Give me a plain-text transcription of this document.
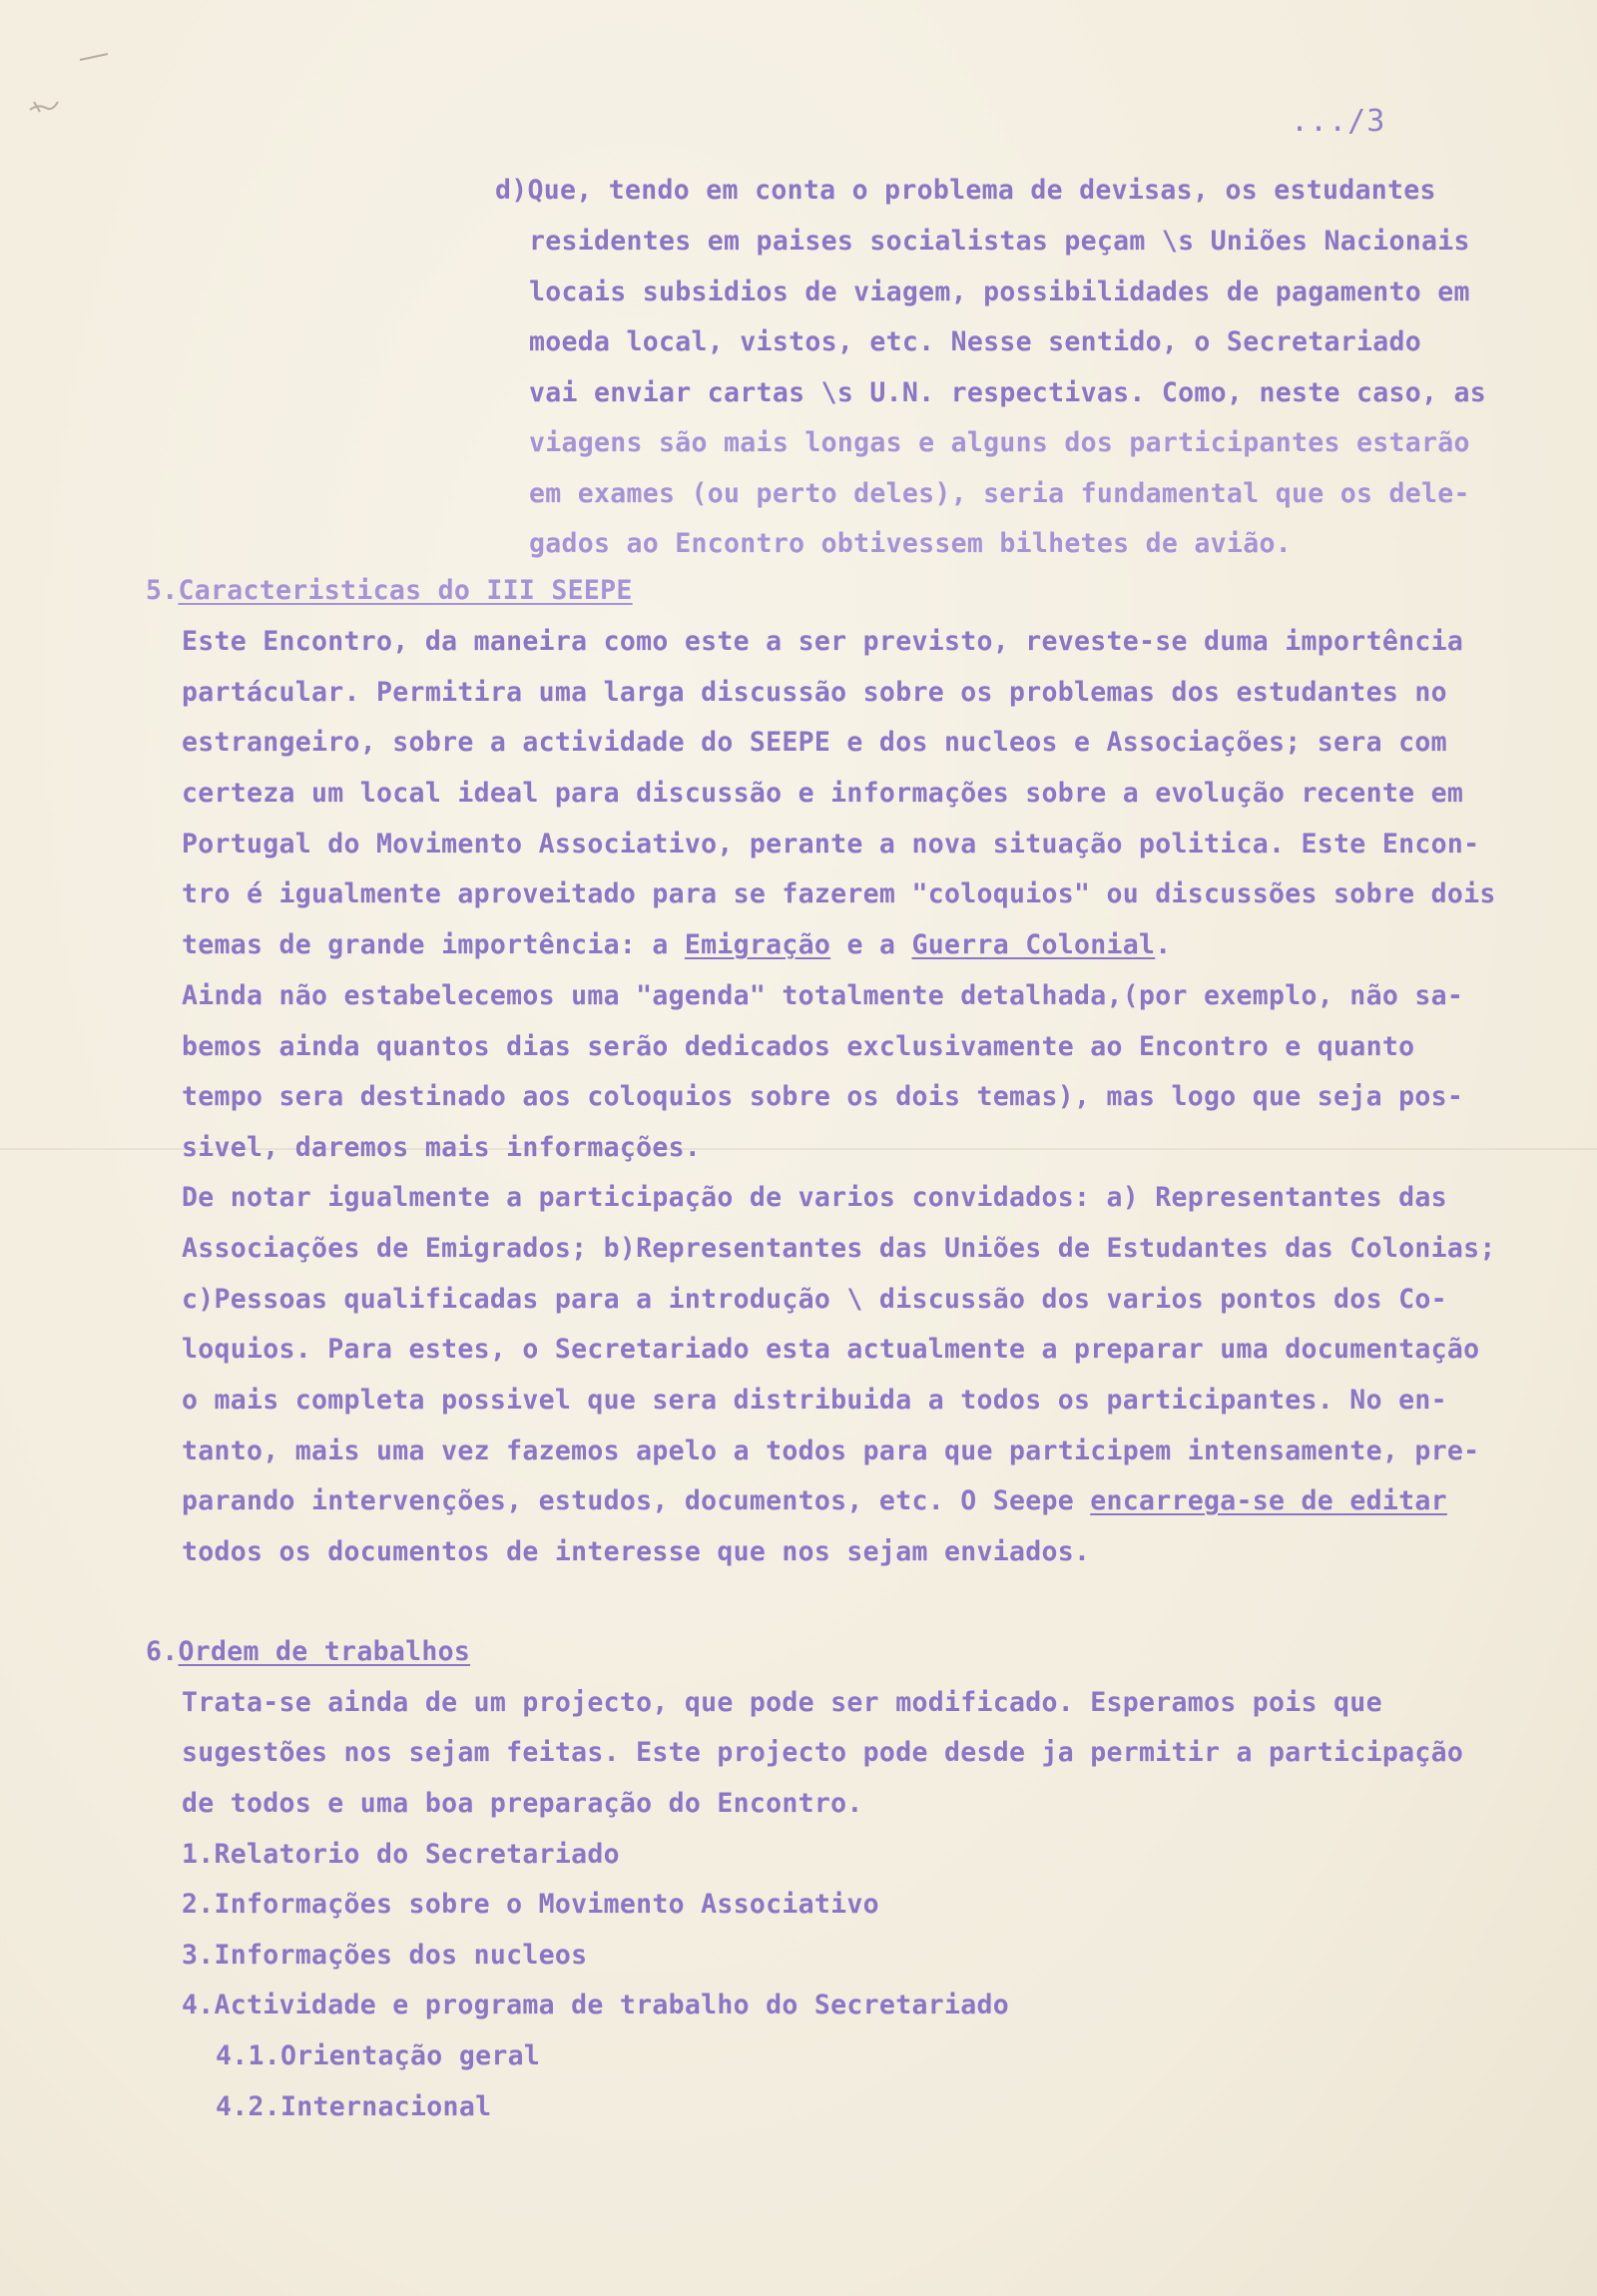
.../3
d)Que, tendo em conta o problema de devisas, os estudantes
residentes em paises socialistas peçam \s Uniões Nacionais
locais subsidios de viagem, possibilidades de pagamento em
moeda local, vistos, etc. Nesse sentido, o Secretariado
vai enviar cartas \s U.N. respectivas. Como, neste caso, as
viagens são mais longas e alguns dos participantes estarão
em exames (ou perto deles), seria fundamental que os dele-
gados ao Encontro obtivessem bilhetes de avião.
5.Caracteristicas do III SEEPE
Este Encontro, da maneira como este a ser previsto, reveste-se duma importência
partácular. Permitira uma larga discussão sobre os problemas dos estudantes no
estrangeiro, sobre a actividade do SEEPE e dos nucleos e Associações; sera com
certeza um local ideal para discussão e informações sobre a evolução recente em
Portugal do Movimento Associativo, perante a nova situação politica. Este Encon-
tro é igualmente aproveitado para se fazerem "coloquios" ou discussões sobre dois
temas de grande importência: a Emigração e a Guerra Colonial.
Ainda não estabelecemos uma "agenda" totalmente detalhada,(por exemplo, não sa-
bemos ainda quantos dias serão dedicados exclusivamente ao Encontro e quanto
tempo sera destinado aos coloquios sobre os dois temas), mas logo que seja pos-
sivel, daremos mais informações.
De notar igualmente a participação de varios convidados: a) Representantes das
Associações de Emigrados; b)Representantes das Uniões de Estudantes das Colonias;
c)Pessoas qualificadas para a introdução \ discussão dos varios pontos dos Co-
loquios. Para estes, o Secretariado esta actualmente a preparar uma documentação
o mais completa possivel que sera distribuida a todos os participantes. No en-
tanto, mais uma vez fazemos apelo a todos para que participem intensamente, pre-
parando intervenções, estudos, documentos, etc. O Seepe encarrega-se de editar
todos os documentos de interesse que nos sejam enviados.
6.Ordem de trabalhos
Trata-se ainda de um projecto, que pode ser modificado. Esperamos pois que
sugestões nos sejam feitas. Este projecto pode desde ja permitir a participação
de todos e uma boa preparação do Encontro.
1.Relatorio do Secretariado
2.Informações sobre o Movimento Associativo
3.Informações dos nucleos
4.Actividade e programa de trabalho do Secretariado
4.1.Orientação geral
4.2.Internacional
